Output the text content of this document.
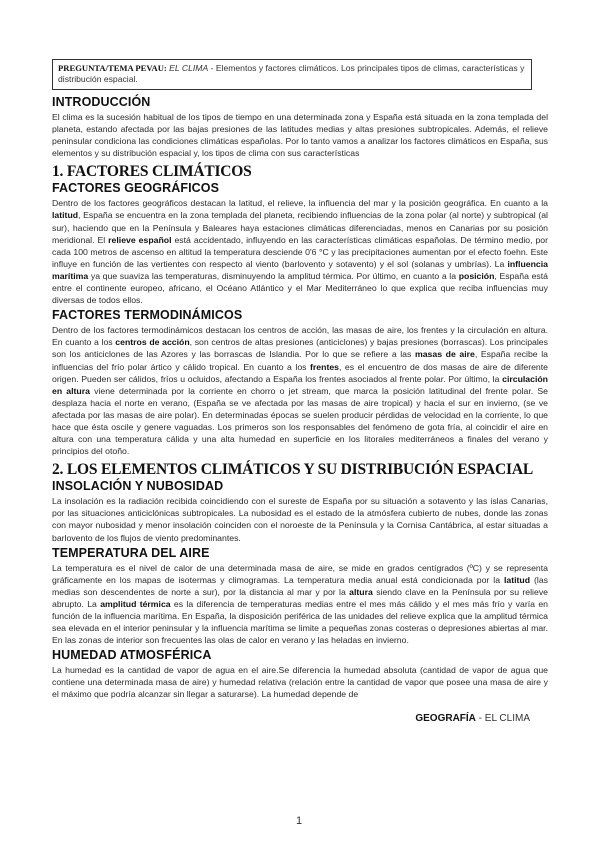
PREGUNTA/TEMA PEVAU: EL CLIMA - Elementos y factores climáticos. Los principales tipos de climas, características y distribución espacial.
INTRODUCCIÓN

El clima es la sucesión habitual de los tipos de tiempo en una determinada zona y España está situada en la zona templada del planeta, estando afectada por las bajas presiones de las latitudes medias y altas presiones subtropicales. Además, el relieve peninsular condiciona las condiciones climáticas españolas. Por lo tanto vamos a analizar los factores climáticos en España, sus elementos y su distribución espacial y, los tipos de clima con sus características

1. FACTORES CLIMÁTICOS
FACTORES GEOGRÁFICOS

Dentro de los factores geográficos destacan la latitud, el relieve, la influencia del mar y la posición geográfica. En cuanto a la latitud, España se encuentra en la zona templada del planeta, recibiendo influencias de la zona polar (al norte) y subtropical (al sur), haciendo que en la Península y Baleares haya estaciones climáticas diferenciadas, menos en Canarias por su posición meridional. El relieve español está accidentado, influyendo en las características climáticas españolas. De término medio, por cada 100 metros de ascenso en altitud la temperatura desciende 0'6 °C y las precipitaciones aumentan por el efecto foehn. Este influye en función de las vertientes con respecto al viento (barlovento y sotavento) y el sol (solanas y umbrías). La influencia marítima ya que suaviza las temperaturas, disminuyendo la amplitud térmica. Por último, en cuanto a la posición, España está entre el continente europeo, africano, el Océano Atlántico y el Mar Mediterráneo lo que explica que reciba influencias muy diversas de todos ellos.

FACTORES TERMODINÁMICOS

Dentro de los factores termodinámicos destacan los centros de acción, las masas de aire, los frentes y la circulación en altura. En cuanto a los centros de acción, son centros de altas presiones (anticiclones) y bajas presiones (borrascas). Los principales son los anticiclones de las Azores y las borrascas de Islandia. Por lo que se refiere a las masas de aire, España recibe la influencias del frío polar ártico y cálido tropical. En cuanto a los frentes, es el encuentro de dos masas de aire de diferente origen. Pueden ser cálidos, fríos u ocluidos, afectando a España los frentes asociados al frente polar. Por último, la circulación en altura viene determinada por la corriente en chorro o jet stream, que marca la posición latitudinal del frente polar. Se desplaza hacia el norte en verano, (España se ve afectada por las masas de aire tropical) y hacia el sur en invierno, (se ve afectada por las masas de aire polar). En determinadas épocas se suelen producir pérdidas de velocidad en la corriente, lo que hace que ésta oscile y genere vaguadas. Los primeros son los responsables del fenómeno de gota fría, al coincidir el aire en altura con una temperatura cálida y una alta humedad en superficie en los litorales mediterráneos a finales del verano y principios del otoño.

2. LOS ELEMENTOS CLIMÁTICOS Y SU DISTRIBUCIÓN ESPACIAL
INSOLACIÓN Y NUBOSIDAD

La insolación es la radiación recibida coincidiendo con el sureste de España por su situación a sotavento y las islas Canarias, por las situaciones anticiclónicas subtropicales. La nubosidad es el estado de la atmósfera cubierto de nubes, donde las zonas con mayor nubosidad y menor insolación coinciden con el noroeste de la Península y la Cornisa Cantábrica, al estar situadas a barlovento de los flujos de viento predominantes.

TEMPERATURA DEL AIRE

La temperatura es el nivel de calor de una determinada masa de aire, se mide en grados centígrados (ºC) y se representa gráficamente en los mapas de isotermas y climogramas. La temperatura media anual está condicionada por la latitud (las medias son descendentes de norte a sur), por la distancia al mar y por la altura siendo clave en la Península por su relieve abrupto. La amplitud térmica es la diferencia de temperaturas medias entre el mes más cálido y el mes más frío y varía en función de la influencia marítima. En España, la disposición periférica de las unidades del relieve explica que la amplitud térmica sea elevada en el interior peninsular y la influencia marítima se limite a pequeñas zonas costeras o depresiones abiertas al mar. En las zonas de interior son frecuentes las olas de calor en verano y las heladas en invierno.

HUMEDAD ATMOSFÉRICA

La humedad es la cantidad de vapor de agua en el aire.Se diferencia la humedad absoluta (cantidad de vapor de agua que contiene una determinada masa de aire) y humedad relativa (relación entre la cantidad de vapor que posee una masa de aire y el máximo que podría alcanzar sin llegar a saturarse). La humedad depende de

GEOGRAFÍA - EL CLIMA
1
